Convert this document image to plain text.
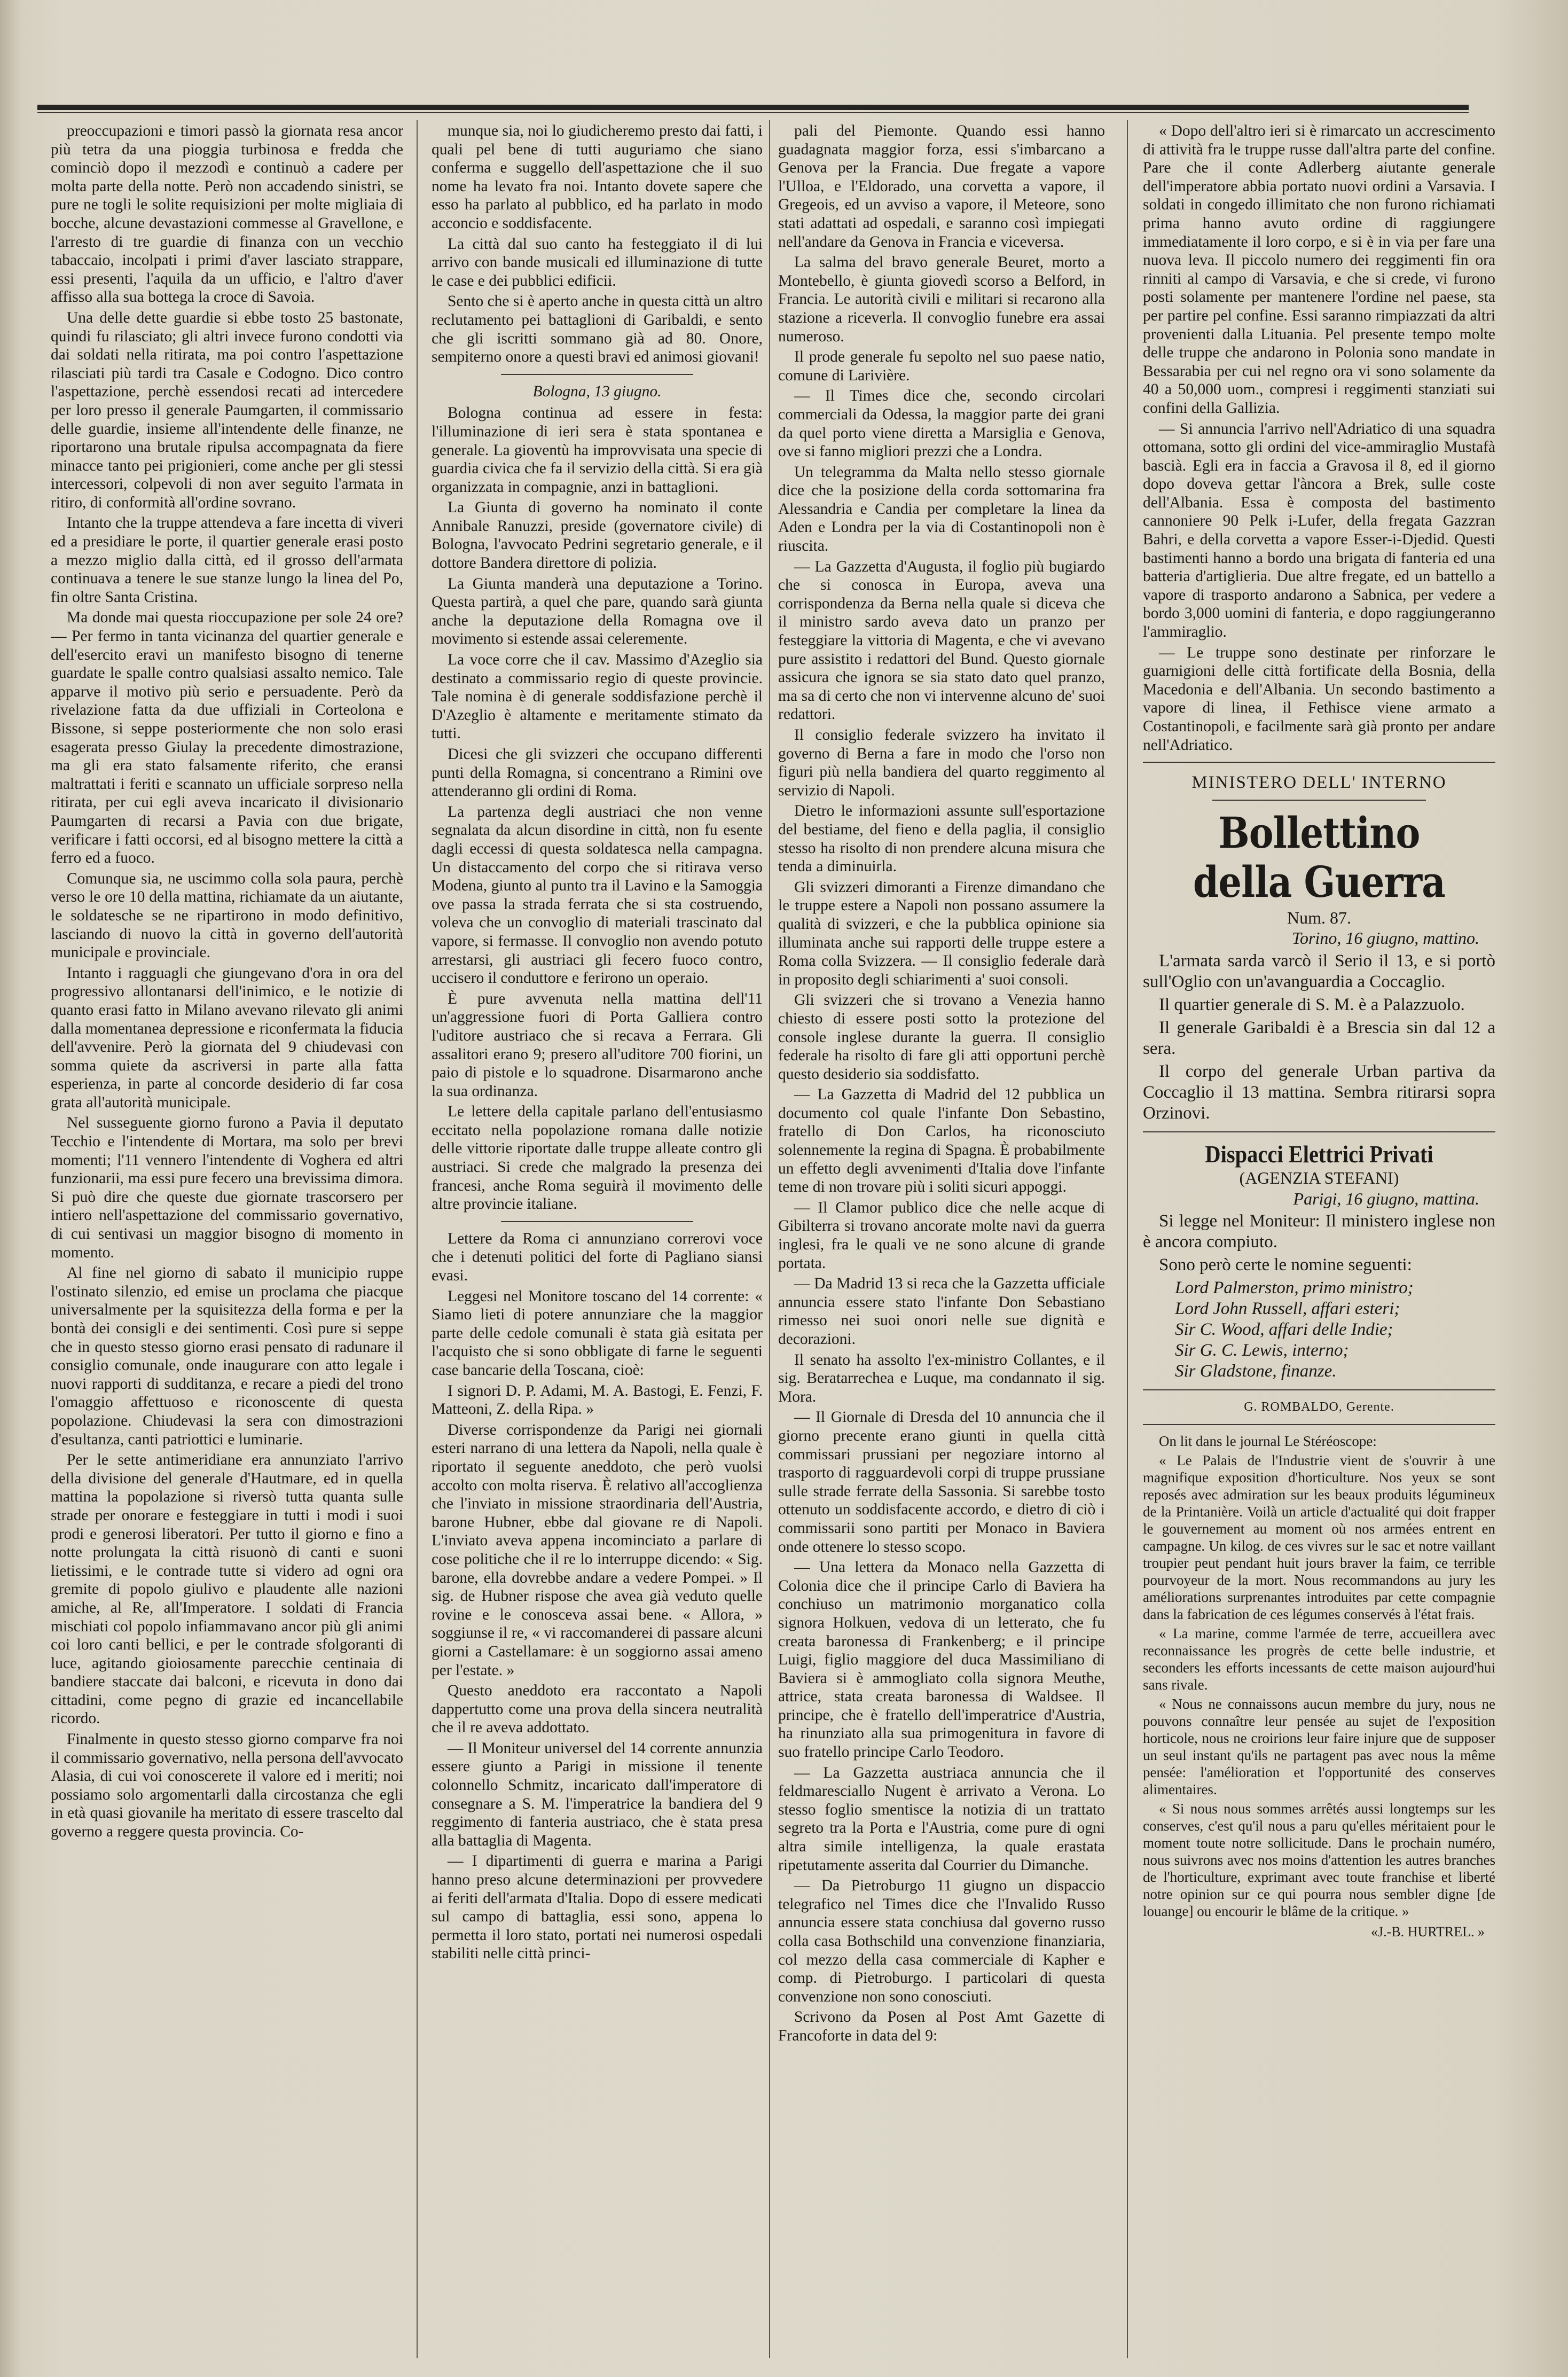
preoccupazioni e timori passò la giornata resa ancor più tetra da una pioggia turbinosa e fredda che cominciò dopo il mezzodì e continuò a cadere per molta parte della notte. Però non accadendo sinistri, se pure ne togli le solite requisizioni per molte migliaia di bocche, alcune devastazioni commesse al Gravellone, e l'arresto di tre guardie di finanza con un vecchio tabaccaio, incolpati i primi d'aver lasciato strappare, essi presenti, l'aquila da un ufficio, e l'altro d'aver affisso alla sua bottega la croce di Savoia.

Una delle dette guardie si ebbe tosto 25 bastonate, quindi fu rilasciato; gli altri invece furono condotti via dai soldati nella ritirata, ma poi contro l'aspettazione rilasciati più tardi tra Casale e Codogno. Dico contro l'aspettazione, perchè essendosi recati ad intercedere per loro presso il generale Paumgarten, il commissario delle guardie, insieme all'intendente delle finanze, ne riportarono una brutale ripulsa accompagnata da fiere minacce tanto pei prigionieri, come anche per gli stessi intercessori, colpevoli di non aver seguito l'armata in ritiro, di conformità all'ordine sovrano.

Intanto che la truppe attendeva a fare incetta di viveri ed a presidiare le porte, il quartier generale erasi posto a mezzo miglio dalla città, ed il grosso dell'armata continuava a tenere le sue stanze lungo la linea del Po, fin oltre Santa Cristina.

Ma donde mai questa rioccupazione per sole 24 ore? — Per fermo in tanta vicinanza del quartier generale e dell'esercito eravi un manifesto bisogno di tenerne guardate le spalle contro qualsiasi assalto nemico. Tale apparve il motivo più serio e persuadente. Però da rivelazione fatta da due uffiziali in Corteolona e Bissone, si seppe posteriormente che non solo erasi esagerata presso Giulay la precedente dimostrazione, ma gli era stato falsamente riferito, che eransi maltrattati i feriti e scannato un ufficiale sorpreso nella ritirata, per cui egli aveva incaricato il divisionario Paumgarten di recarsi a Pavia con due brigate, verificare i fatti occorsi, ed al bisogno mettere la città a ferro ed a fuoco.

Comunque sia, ne uscimmo colla sola paura, perchè verso le ore 10 della mattina, richiamate da un aiutante, le soldatesche se ne ripartirono in modo definitivo, lasciando di nuovo la città in governo dell'autorità municipale e provinciale.

Intanto i ragguagli che giungevano d'ora in ora del progressivo allontanarsi dell'inimico, e le notizie di quanto erasi fatto in Milano avevano rilevato gli animi dalla momentanea depressione e riconfermata la fiducia dell'avvenire. Però la giornata del 9 chiudevasi con somma quiete da ascriversi in parte alla fatta esperienza, in parte al concorde desiderio di far cosa grata all'autorità municipale.

Nel susseguente giorno furono a Pavia il deputato Tecchio e l'intendente di Mortara, ma solo per brevi momenti; l'11 vennero l'intendente di Voghera ed altri funzionarii, ma essi pure fecero una brevissima dimora. Si può dire che queste due giornate trascorsero per intiero nell'aspettazione del commissario governativo, di cui sentivasi un maggior bisogno di momento in momento.

Al fine nel giorno di sabato il municipio ruppe l'ostinato silenzio, ed emise un proclama che piacque universalmente per la squisitezza della forma e per la bontà dei consigli e dei sentimenti. Così pure si seppe che in questo stesso giorno erasi pensato di radunare il consiglio comunale, onde inaugurare con atto legale i nuovi rapporti di sudditanza, e recare a piedi del trono l'omaggio affettuoso e riconoscente di questa popolazione. Chiudevasi la sera con dimostrazioni d'esultanza, canti patriottici e luminarie.

Per le sette antimeridiane era annunziato l'arrivo della divisione del generale d'Hautmare, ed in quella mattina la popolazione si riversò tutta quanta sulle strade per onorare e festeggiare in tutti i modi i suoi prodi e generosi liberatori. Per tutto il giorno e fino a notte prolungata la città risuonò di canti e suoni lietissimi, e le contrade tutte si videro ad ogni ora gremite di popolo giulivo e plaudente alle nazioni amiche, al Re, all'Imperatore. I soldati di Francia mischiati col popolo infiammavano ancor più gli animi coi loro canti bellici, e per le contrade sfolgoranti di luce, agitando gioiosamente parecchie centinaia di bandiere staccate dai balconi, e ricevuta in dono dai cittadini, come pegno di grazie ed incancellabile ricordo.

Finalmente in questo stesso giorno comparve fra noi il commissario governativo, nella persona dell'avvocato Alasia, di cui voi conoscerete il valore ed i meriti; noi possiamo solo argomentarli dalla circostanza che egli in età quasi giovanile ha meritato di essere trascelto dal governo a reggere questa provincia. Co-

munque sia, noi lo giudicheremo presto dai fatti, i quali pel bene di tutti auguriamo che siano conferma e suggello dell'aspettazione che il suo nome ha levato fra noi. Intanto dovete sapere che esso ha parlato al pubblico, ed ha parlato in modo acconcio e soddisfacente.

La città dal suo canto ha festeggiato il di lui arrivo con bande musicali ed illuminazione di tutte le case e dei pubblici edificii.

Sento che si è aperto anche in questa città un altro reclutamento pei battaglioni di Garibaldi, e sento che gli iscritti sommano già ad 80. Onore, sempiterno onore a questi bravi ed animosi giovani!

Bologna, 13 giugno.

Bologna continua ad essere in festa: l'illuminazione di ieri sera è stata spontanea e generale. La gioventù ha improvvisata una specie di guardia civica che fa il servizio della città. Si era già organizzata in compagnie, anzi in battaglioni.

La Giunta di governo ha nominato il conte Annibale Ranuzzi, preside (governatore civile) di Bologna, l'avvocato Pedrini segretario generale, e il dottore Bandera direttore di polizia.

La Giunta manderà una deputazione a Torino. Questa partirà, a quel che pare, quando sarà giunta anche la deputazione della Romagna ove il movimento si estende assai celeremente.

La voce corre che il cav. Massimo d'Azeglio sia destinato a commissario regio di queste provincie. Tale nomina è di generale soddisfazione perchè il D'Azeglio è altamente e meritamente stimato da tutti.

Dicesi che gli svizzeri che occupano differenti punti della Romagna, si concentrano a Rimini ove attenderanno gli ordini di Roma.

La partenza degli austriaci che non venne segnalata da alcun disordine in città, non fu esente dagli eccessi di questa soldatesca nella campagna. Un distaccamento del corpo che si ritirava verso Modena, giunto al punto tra il Lavino e la Samoggia ove passa la strada ferrata che si sta costruendo, voleva che un convoglio di materiali trascinato dal vapore, si fermasse. Il convoglio non avendo potuto arrestarsi, gli austriaci gli fecero fuoco contro, uccisero il conduttore e ferirono un operaio.

È pure avvenuta nella mattina dell'11 un'aggressione fuori di Porta Galliera contro l'uditore austriaco che si recava a Ferrara. Gli assalitori erano 9; presero all'uditore 700 fiorini, un paio di pistole e lo squadrone. Disarmarono anche la sua ordinanza.

Le lettere della capitale parlano dell'entusiasmo eccitato nella popolazione romana dalle notizie delle vittorie riportate dalle truppe alleate contro gli austriaci. Si crede che malgrado la presenza dei francesi, anche Roma seguirà il movimento delle altre provincie italiane.

Lettere da Roma ci annunziano correrovi voce che i detenuti politici del forte di Pagliano siansi evasi.

Leggesi nel Monitore toscano del 14 corrente: « Siamo lieti di potere annunziare che la maggior parte delle cedole comunali è stata già esitata per l'acquisto che si sono obbligate di farne le seguenti case bancarie della Toscana, cioè:

I signori D. P. Adami, M. A. Bastogi, E. Fenzi, F. Matteoni, Z. della Ripa. »

Diverse corrispondenze da Parigi nei giornali esteri narrano di una lettera da Napoli, nella quale è riportato il seguente aneddoto, che però vuolsi accolto con molta riserva. È relativo all'accoglienza che l'inviato in missione straordinaria dell'Austria, barone Hubner, ebbe dal giovane re di Napoli. L'inviato aveva appena incominciato a parlare di cose politiche che il re lo interruppe dicendo: « Sig. barone, ella dovrebbe andare a vedere Pompei. » Il sig. de Hubner rispose che avea già veduto quelle rovine e le conosceva assai bene. « Allora, » soggiunse il re, « vi raccomanderei di passare alcuni giorni a Castellamare: è un soggiorno assai ameno per l'estate. »

Questo aneddoto era raccontato a Napoli dappertutto come una prova della sincera neutralità che il re aveva addottato.

— Il Moniteur universel del 14 corrente annunzia essere giunto a Parigi in missione il tenente colonnello Schmitz, incaricato dall'imperatore di consegnare a S. M. l'imperatrice la bandiera del 9 reggimento di fanteria austriaco, che è stata presa alla battaglia di Magenta.

— I dipartimenti di guerra e marina a Parigi hanno preso alcune determinazioni per provvedere ai feriti dell'armata d'Italia. Dopo di essere medicati sul campo di battaglia, essi sono, appena lo permetta il loro stato, portati nei numerosi ospedali stabiliti nelle città princi-

pali del Piemonte. Quando essi hanno guadagnata maggior forza, essi s'imbarcano a Genova per la Francia. Due fregate a vapore l'Ulloa, e l'Eldorado, una corvetta a vapore, il Gregeois, ed un avviso a vapore, il Meteore, sono stati adattati ad ospedali, e saranno così impiegati nell'andare da Genova in Francia e viceversa.

La salma del bravo generale Beuret, morto a Montebello, è giunta giovedì scorso a Belford, in Francia. Le autorità civili e militari si recarono alla stazione a riceverla. Il convoglio funebre era assai numeroso.

Il prode generale fu sepolto nel suo paese natio, comune di Larivière.

— Il Times dice che, secondo circolari commerciali da Odessa, la maggior parte dei grani da quel porto viene diretta a Marsiglia e Genova, ove si fanno migliori prezzi che a Londra.

Un telegramma da Malta nello stesso giornale dice che la posizione della corda sottomarina fra Alessandria e Candia per completare la linea da Aden e Londra per la via di Costantinopoli non è riuscita.

— La Gazzetta d'Augusta, il foglio più bugiardo che si conosca in Europa, aveva una corrispondenza da Berna nella quale si diceva che il ministro sardo aveva dato un pranzo per festeggiare la vittoria di Magenta, e che vi avevano pure assistito i redattori del Bund. Questo giornale assicura che ignora se sia stato dato quel pranzo, ma sa di certo che non vi intervenne alcuno de' suoi redattori.

Il consiglio federale svizzero ha invitato il governo di Berna a fare in modo che l'orso non figuri più nella bandiera del quarto reggimento al servizio di Napoli.

Dietro le informazioni assunte sull'esportazione del bestiame, del fieno e della paglia, il consiglio stesso ha risolto di non prendere alcuna misura che tenda a diminuirla.

Gli svizzeri dimoranti a Firenze dimandano che le truppe estere a Napoli non possano assumere la qualità di svizzeri, e che la pubblica opinione sia illuminata anche sui rapporti delle truppe estere a Roma colla Svizzera. — Il consiglio federale darà in proposito degli schiarimenti a' suoi consoli.

Gli svizzeri che si trovano a Venezia hanno chiesto di essere posti sotto la protezione del console inglese durante la guerra. Il consiglio federale ha risolto di fare gli atti opportuni perchè questo desiderio sia soddisfatto.

— La Gazzetta di Madrid del 12 pubblica un documento col quale l'infante Don Sebastino, fratello di Don Carlos, ha riconosciuto solennemente la regina di Spagna. È probabilmente un effetto degli avvenimenti d'Italia dove l'infante teme di non trovare più i soliti sicuri appoggi.

— Il Clamor publico dice che nelle acque di Gibilterra si trovano ancorate molte navi da guerra inglesi, fra le quali ve ne sono alcune di grande portata.

— Da Madrid 13 si reca che la Gazzetta ufficiale annuncia essere stato l'infante Don Sebastiano rimesso nei suoi onori nelle sue dignità e decorazioni.

Il senato ha assolto l'ex-ministro Collantes, e il sig. Beratarrechea e Luque, ma condannato il sig. Mora.

— Il Giornale di Dresda del 10 annuncia che il giorno precente erano giunti in quella città commissari prussiani per negoziare intorno al trasporto di ragguardevoli corpi di truppe prussiane sulle strade ferrate della Sassonia. Si sarebbe tosto ottenuto un soddisfacente accordo, e dietro di ciò i commissarii sono partiti per Monaco in Baviera onde ottenere lo stesso scopo.

— Una lettera da Monaco nella Gazzetta di Colonia dice che il principe Carlo di Baviera ha conchiuso un matrimonio morganatico colla signora Holkuen, vedova di un letterato, che fu creata baronessa di Frankenberg; e il principe Luigi, figlio maggiore del duca Massimiliano di Baviera si è ammogliato colla signora Meuthe, attrice, stata creata baronessa di Waldsee. Il principe, che è fratello dell'imperatrice d'Austria, ha rinunziato alla sua primogenitura in favore di suo fratello principe Carlo Teodoro.

— La Gazzetta austriaca annuncia che il feldmaresciallo Nugent è arrivato a Verona. Lo stesso foglio smentisce la notizia di un trattato segreto tra la Porta e l'Austria, come pure di ogni altra simile intelligenza, la quale erastata ripetutamente asserita dal Courrier du Dimanche.

— Da Pietroburgo 11 giugno un dispaccio telegrafico nel Times dice che l'Invalido Russo annuncia essere stata conchiusa dal governo russo colla casa Bothschild una convenzione finanziaria, col mezzo della casa commerciale di Kapher e comp. di Pietroburgo. I particolari di questa convenzione non sono conosciuti.

Scrivono da Posen al Post Amt Gazette di Francoforte in data del 9:

« Dopo dell'altro ieri si è rimarcato un accrescimento di attività fra le truppe russe dall'altra parte del confine. Pare che il conte Adlerberg aiutante generale dell'imperatore abbia portato nuovi ordini a Varsavia. I soldati in congedo illimitato che non furono richiamati prima hanno avuto ordine di raggiungere immediatamente il loro corpo, e si è in via per fare una nuova leva. Il piccolo numero dei reggimenti fin ora rinniti al campo di Varsavia, e che si crede, vi furono posti solamente per mantenere l'ordine nel paese, sta per partire pel confine. Essi saranno rimpiazzati da altri provenienti dalla Lituania. Pel presente tempo molte delle truppe che andarono in Polonia sono mandate in Bessarabia per cui nel regno ora vi sono solamente da 40 a 50,000 uom., compresi i reggimenti stanziati sui confini della Gallizia.

— Si annuncia l'arrivo nell'Adriatico di una squadra ottomana, sotto gli ordini del vice-ammiraglio Mustafà bascià. Egli era in faccia a Gravosa il 8, ed il giorno dopo doveva gettar l'àncora a Brek, sulle coste dell'Albania. Essa è composta del bastimento cannoniere 90 Pelk i-Lufer, della fregata Gazzran Bahri, e della corvetta a vapore Esser-i-Djedid. Questi bastimenti hanno a bordo una brigata di fanteria ed una batteria d'artiglieria. Due altre fregate, ed un battello a vapore di trasporto andarono a Sabnica, per vedere a bordo 3,000 uomini di fanteria, e dopo raggiungeranno l'ammiraglio.

— Le truppe sono destinate per rinforzare le guarnigioni delle città fortificate della Bosnia, della Macedonia e dell'Albania. Un secondo bastimento a vapore di linea, il Fethisce viene armato a Costantinopoli, e facilmente sarà già pronto per andare nell'Adriatico.

MINISTERO DELL' INTERNO
Bollettino della Guerra
Num. 87.
Torino, 16 giugno, mattino.

L'armata sarda varcò il Serio il 13, e si portò sull'Oglio con un'avanguardia a Coccaglio.

Il quartier generale di S. M. è a Palazzuolo.

Il generale Garibaldi è a Brescia sin dal 12 a sera.

Il corpo del generale Urban partiva da Coccaglio il 13 mattina. Sembra ritirarsi sopra Orzinovi.

Dispacci Elettrici Privati
(AGENZIA STEFANI)
Parigi, 16 giugno, mattina.

Si legge nel Moniteur: Il ministero inglese non è ancora compiuto.

Sono però certe le nomine seguenti:

Lord Palmerston, primo ministro;

Lord John Russell, affari esteri;

Sir C. Wood, affari delle Indie;

Sir G. C. Lewis, interno;

Sir Gladstone, finanze.

G. ROMBALDO, Gerente.

On lit dans le journal Le Stéréoscope:

« Le Palais de l'Industrie vient de s'ouvrir à une magnifique exposition d'horticulture. Nos yeux se sont reposés avec admiration sur les beaux produits légumineux de la Printanière. Voilà un article d'actualité qui doit frapper le gouvernement au moment où nos armées entrent en campagne. Un kilog. de ces vivres sur le sac et notre vaillant troupier peut pendant huit jours braver la faim, ce terrible pourvoyeur de la mort. Nous recommandons au jury les améliorations surprenantes introduites par cette compagnie dans la fabrication de ces légumes conservés à l'état frais.

« La marine, comme l'armée de terre, accueillera avec reconnaissance les progrès de cette belle industrie, et seconders les efforts incessants de cette maison aujourd'hui sans rivale.

« Nous ne connaissons aucun membre du jury, nous ne pouvons connaître leur pensée au sujet de l'exposition horticole, nous ne croirions leur faire injure que de supposer un seul instant qu'ils ne partagent pas avec nous la même pensée: l'amélioration et l'opportunité des conserves alimentaires.

« Si nous nous sommes arrêtés aussi longtemps sur les conserves, c'est qu'il nous a paru qu'elles méritaient pour le moment toute notre sollicitude. Dans le prochain numéro, nous suivrons avec nos moins d'attention les autres branches de l'horticulture, exprimant avec toute franchise et liberté notre opinion sur ce qui pourra nous sembler digne [de louange] ou encourir le blâme de la critique. »

«J.-B. HURTREL. »
